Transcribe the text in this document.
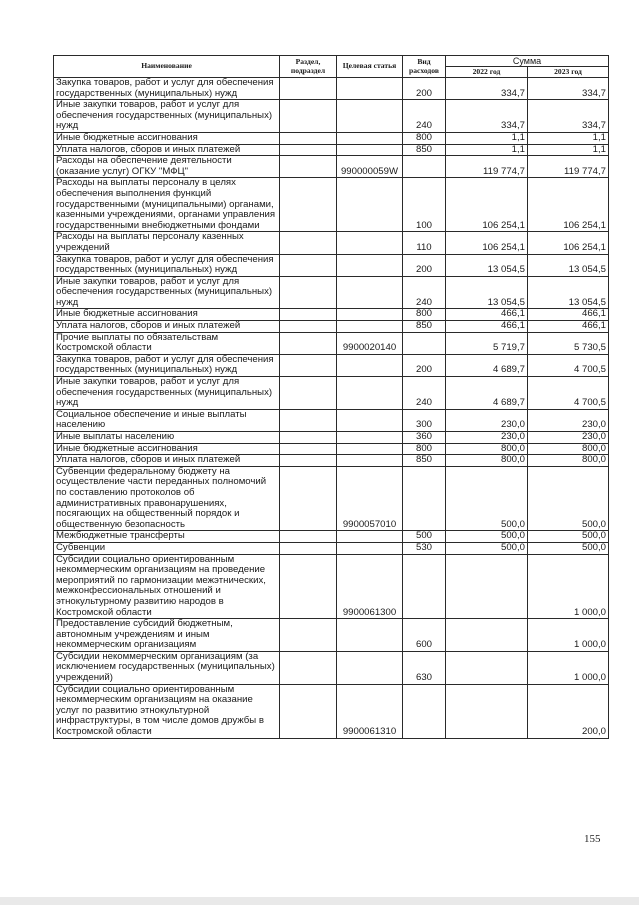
Наименование	Раздел, подраздел	Целевая статья	Вид расходов	Сумма	
				2022 год	2023 год
Закупка товаров, работ и услуг для обеспечения государственных (муниципальных) нужд			200	334,7	334,7
Иные закупки товаров, работ и услуг для обеспечения государственных (муниципальных) нужд			240	334,7	334,7
Иные бюджетные ассигнования			800	1,1	1,1
Уплата налогов, сборов и иных платежей			850	1,1	1,1
Расходы на обеспечение деятельности (оказание услуг) ОГКУ "МФЦ"		990000059W		119 774,7	119 774,7
Расходы на выплаты персоналу в целях обеспечения выполнения функций государственными (муниципальными) органами, казенными учреждениями, органами управления государственными внебюджетными фондами			100	106 254,1	106 254,1
Расходы на выплаты персоналу казенных учреждений			110	106 254,1	106 254,1
Закупка товаров, работ и услуг для обеспечения государственных (муниципальных) нужд			200	13 054,5	13 054,5
Иные закупки товаров, работ и услуг для обеспечения государственных (муниципальных) нужд			240	13 054,5	13 054,5
Иные бюджетные ассигнования			800	466,1	466,1
Уплата налогов, сборов и иных платежей			850	466,1	466,1
Прочие выплаты по обязательствам Костромской области		9900020140		5 719,7	5 730,5
Закупка товаров, работ и услуг для обеспечения государственных (муниципальных) нужд			200	4 689,7	4 700,5
Иные закупки товаров, работ и услуг для обеспечения государственных (муниципальных) нужд			240	4 689,7	4 700,5
Социальное обеспечение и иные выплаты населению			300	230,0	230,0
Иные выплаты населению			360	230,0	230,0
Иные бюджетные ассигнования			800	800,0	800,0
Уплата налогов, сборов и иных платежей			850	800,0	800,0
Субвенции федеральному бюджету на осуществление части переданных полномочий по составлению протоколов об административных правонарушениях, посягающих на общественный порядок и общественную безопасность		9900057010		500,0	500,0
Межбюджетные трансферты			500	500,0	500,0
Субвенции			530	500,0	500,0
Субсидии социально ориентированным некоммерческим организациям на проведение мероприятий по гармонизации межэтнических, межконфессиональных отношений и этнокультурному развитию народов в Костромской области		9900061300			1 000,0
Предоставление субсидий бюджетным, автономным учреждениям и иным некоммерческим организациям			600		1 000,0
Субсидии некоммерческим организациям (за исключением государственных (муниципальных) учреждений)			630		1 000,0
Субсидии социально ориентированным некоммерческим организациям на оказание услуг по развитию этнокультурной инфраструктуры, в том числе домов дружбы в Костромской области		9900061310			200,0
155
